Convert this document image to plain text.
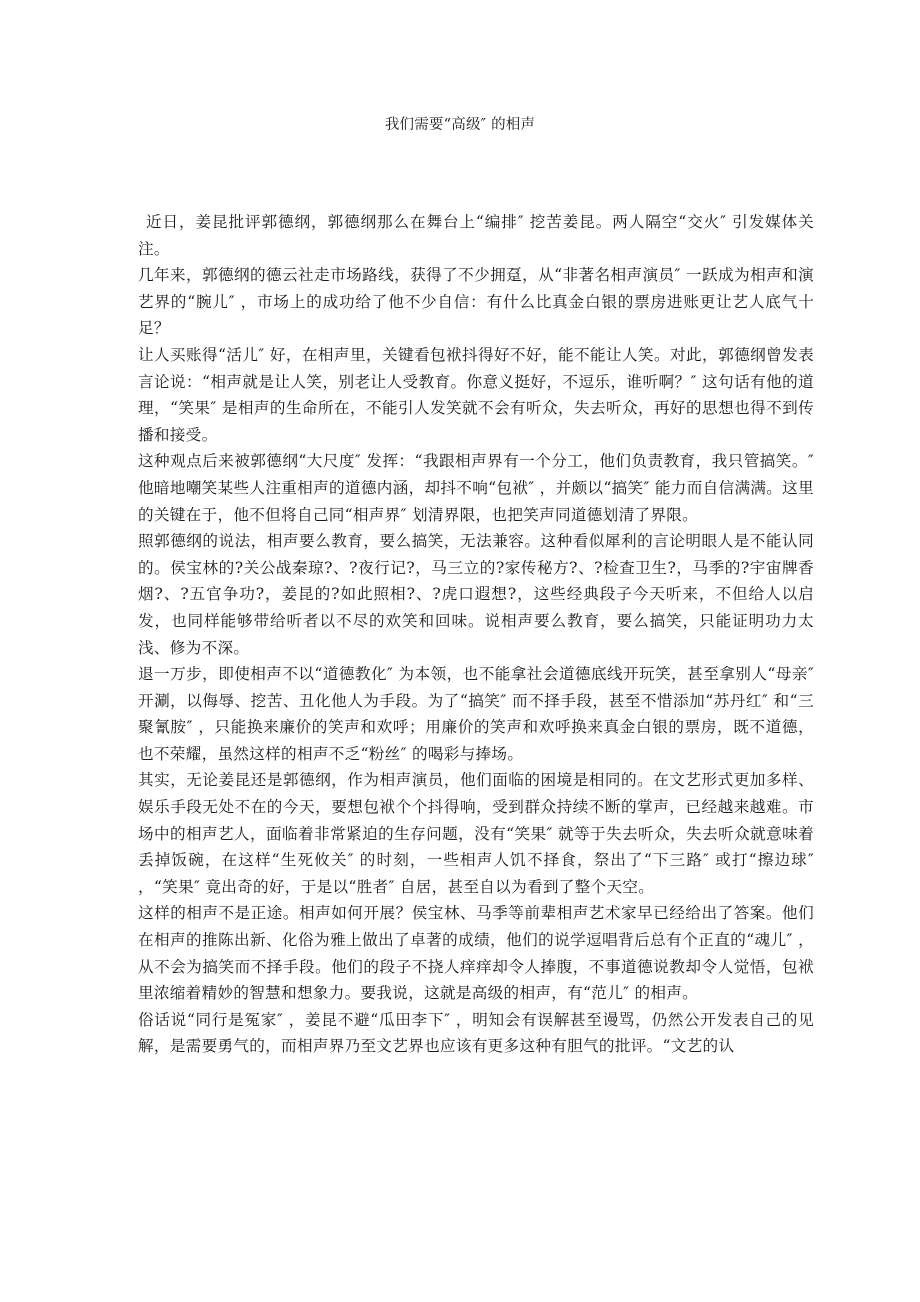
我们需要“高级″ 的相声

近日，姜昆批评郭德纲，郭德纲那么在舞台上“编排″ 挖苦姜昆。两人隔空“交火″ 引发媒体关注。

几年来，郭德纲的德云社走市场路线，获得了不少拥趸，从“非著名相声演员″ 一跃成为相声和演艺界的“腕儿″ ，市场上的成功给了他不少自信：有什么比真金白银的票房进账更让艺人底气十足？

让人买账得“活儿″ 好，在相声里，关键看包袱抖得好不好，能不能让人笑。对此，郭德纲曾发表言论说：“相声就是让人笑，别老让人受教育。你意义挺好，不逗乐，谁听啊？″ 这句话有他的道理，“笑果″ 是相声的生命所在，不能引人发笑就不会有听众，失去听众，再好的思想也得不到传播和接受。

这种观点后来被郭德纲“大尺度″ 发挥：“我跟相声界有一个分工，他们负责教育，我只管搞笑。″ 他暗地嘲笑某些人注重相声的道德内涵，却抖不响“包袱″ ，并颇以“搞笑″ 能力而自信满满。这里的关键在于，他不但将自己同“相声界″ 划清界限，也把笑声同道德划清了界限。

照郭德纲的说法，相声要么教育，要么搞笑，无法兼容。这种看似犀利的言论明眼人是不能认同的。侯宝林的?关公战秦琼?、?夜行记?，马三立的?家传秘方?、?检查卫生?，马季的?宇宙牌香烟?、?五官争功?，姜昆的?如此照相?、?虎口遐想?，这些经典段子今天听来，不但给人以启发，也同样能够带给听者以不尽的欢笑和回味。说相声要么教育，要么搞笑，只能证明功力太浅、修为不深。

退一万步，即使相声不以“道德教化″ 为本领，也不能拿社会道德底线开玩笑，甚至拿别人“母亲″ 开涮，以侮辱、挖苦、丑化他人为手段。为了“搞笑″ 而不择手段，甚至不惜添加“苏丹红″ 和“三聚氰胺″ ，只能换来廉价的笑声和欢呼；用廉价的笑声和欢呼换来真金白银的票房，既不道德，也不荣耀，虽然这样的相声不乏“粉丝″ 的喝彩与捧场。

其实，无论姜昆还是郭德纲，作为相声演员，他们面临的困境是相同的。在文艺形式更加多样、娱乐手段无处不在的今天，要想包袱个个抖得响，受到群众持续不断的掌声，已经越来越难。市场中的相声艺人，面临着非常紧迫的生存问题，没有“笑果″ 就等于失去听众，失去听众就意味着丢掉饭碗，在这样“生死攸关″ 的时刻，一些相声人饥不择食，祭出了“下三路″ 或打“擦边球″ ，“笑果″ 竟出奇的好，于是以“胜者″ 自居，甚至自以为看到了整个天空。

这样的相声不是正途。相声如何开展？侯宝林、马季等前辈相声艺术家早已经给出了答案。他们在相声的推陈出新、化俗为雅上做出了卓著的成绩，他们的说学逗唱背后总有个正直的“魂儿″ ，从不会为搞笑而不择手段。他们的段子不挠人痒痒却令人捧腹，不事道德说教却令人觉悟，包袱里浓缩着精妙的智慧和想象力。要我说，这就是高级的相声，有“范儿″ 的相声。

俗话说“同行是冤家″ ，姜昆不避“瓜田李下″ ，明知会有误解甚至谩骂，仍然公开发表自己的见解，是需要勇气的，而相声界乃至文艺界也应该有更多这种有胆气的批评。“文艺的认
